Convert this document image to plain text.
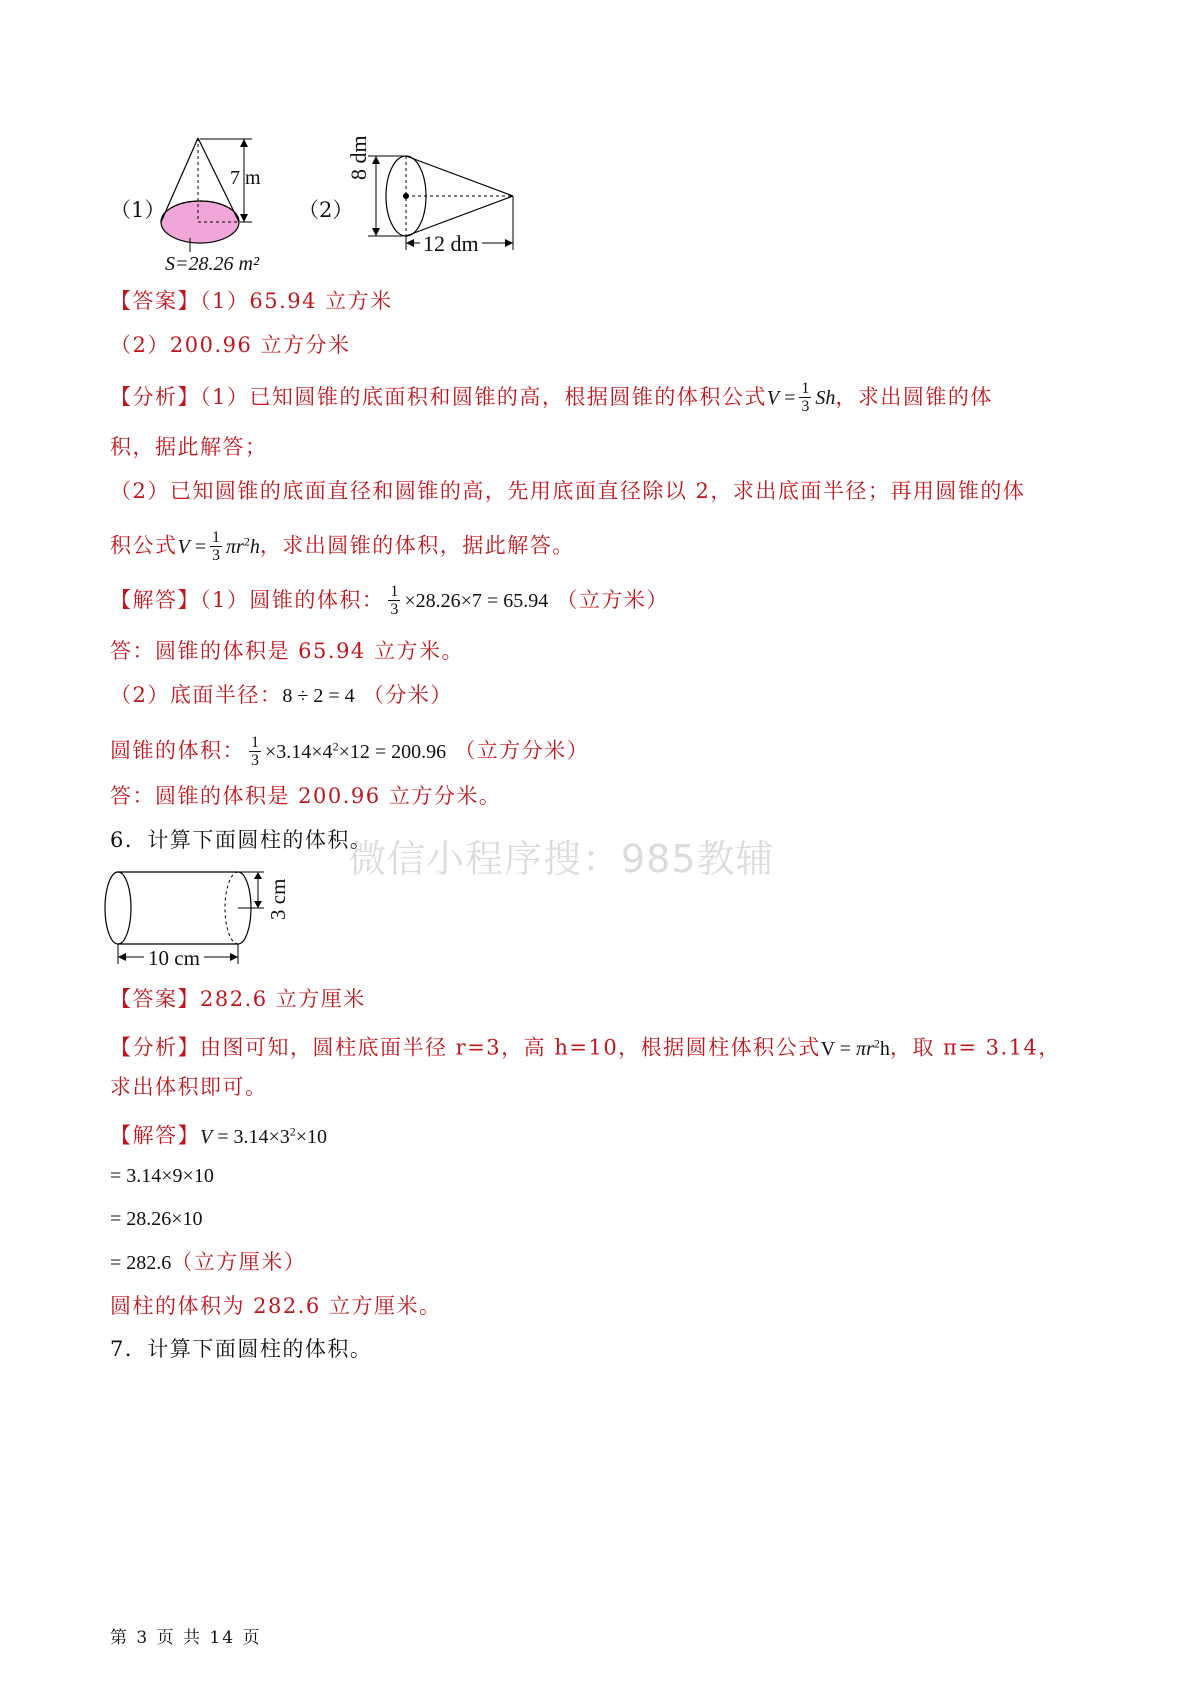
（1）
7 m
S=28.26 m²
（2）
8 dm
12 dm
【答案】（1）65.94 立方米
（2）200.96 立方分米
【分析】（1）已知圆锥的底面积和圆锥的高，根据圆锥的体积公式$V = \frac{1}{3}$ Sh，求出圆锥的体
积，据此解答；
（2）已知圆锥的底面直径和圆锥的高，先用底面直径除以 2，求出底面半径；再用圆锥的体
积公式$V = \frac{1}{3} \pi r^2h$，求出圆锥的体积，据此解答。
【解答】（1）圆锥的体积： $\frac{1}{3} \times 28.26\times 7 = 65.94$ （立方米）
答：圆锥的体积是 65.94 立方米。
（2）底面半径：8 ÷ 2 = 4 （分米）
圆锥的体积： $\frac{1}{3} \times 3.14\times 4^2\times 12 = 200.96$ （立方分米）
答：圆锥的体积是 200.96 立方分米。
微信小程序搜：985教辅
6．计算下面圆柱的体积。
3 cm
10 cm
【答案】282.6 立方厘米
【分析】由图可知，圆柱底面半径 r=3，高 h=10，根据圆柱体积公式$V = \pi r^2h$，取 π= 3.14，
求出体积即可。
【解答】$V = 3.14\times 3^2\times 10$
= 3.14×9×10
= 28.26×10
= 282.6（立方厘米）
圆柱的体积为 282.6 立方厘米。
7．计算下面圆柱的体积。
第 3 页 共 14 页
